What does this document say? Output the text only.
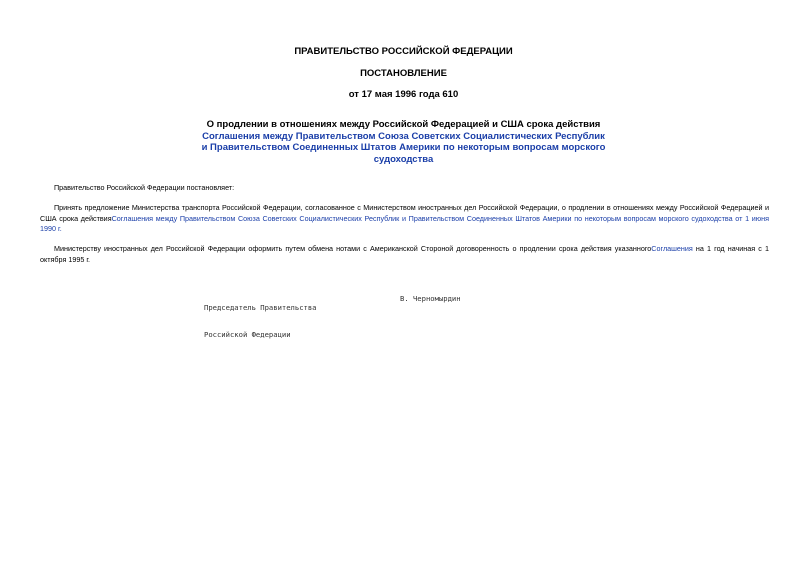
ПРАВИТЕЛЬСТВО РОССИЙСКОЙ ФЕДЕРАЦИИ
ПОСТАНОВЛЕНИЕ
от 17 мая 1996 года 610
О продлении в отношениях между Российской Федерацией и США срока действия Соглашения между Правительством Союза Советских Социалистических Республик и Правительством Соединенных Штатов Америки по некоторым вопросам морского судоходства
Правительство Российской Федерации постановляет:
Принять предложение Министерства транспорта Российской Федерации, согласованное с Министерством иностранных дел Российской Федерации, о продлении в отношениях между Российской Федерацией и США срока действияСоглашения между Правительством Союза Советских Социалистических Республик и Правительством Соединенных Штатов Америки по некоторым вопросам морского судоходства от 1 июня 1990 г.
Министерству иностранных дел Российской Федерации оформить путем обмена нотами с Американской Стороной договоренность о продлении срока действия указанногоСоглашения на 1 год начиная с 1 октября 1995 г.

Председатель Правительства

Российской Федерации

В. Черномырдин
